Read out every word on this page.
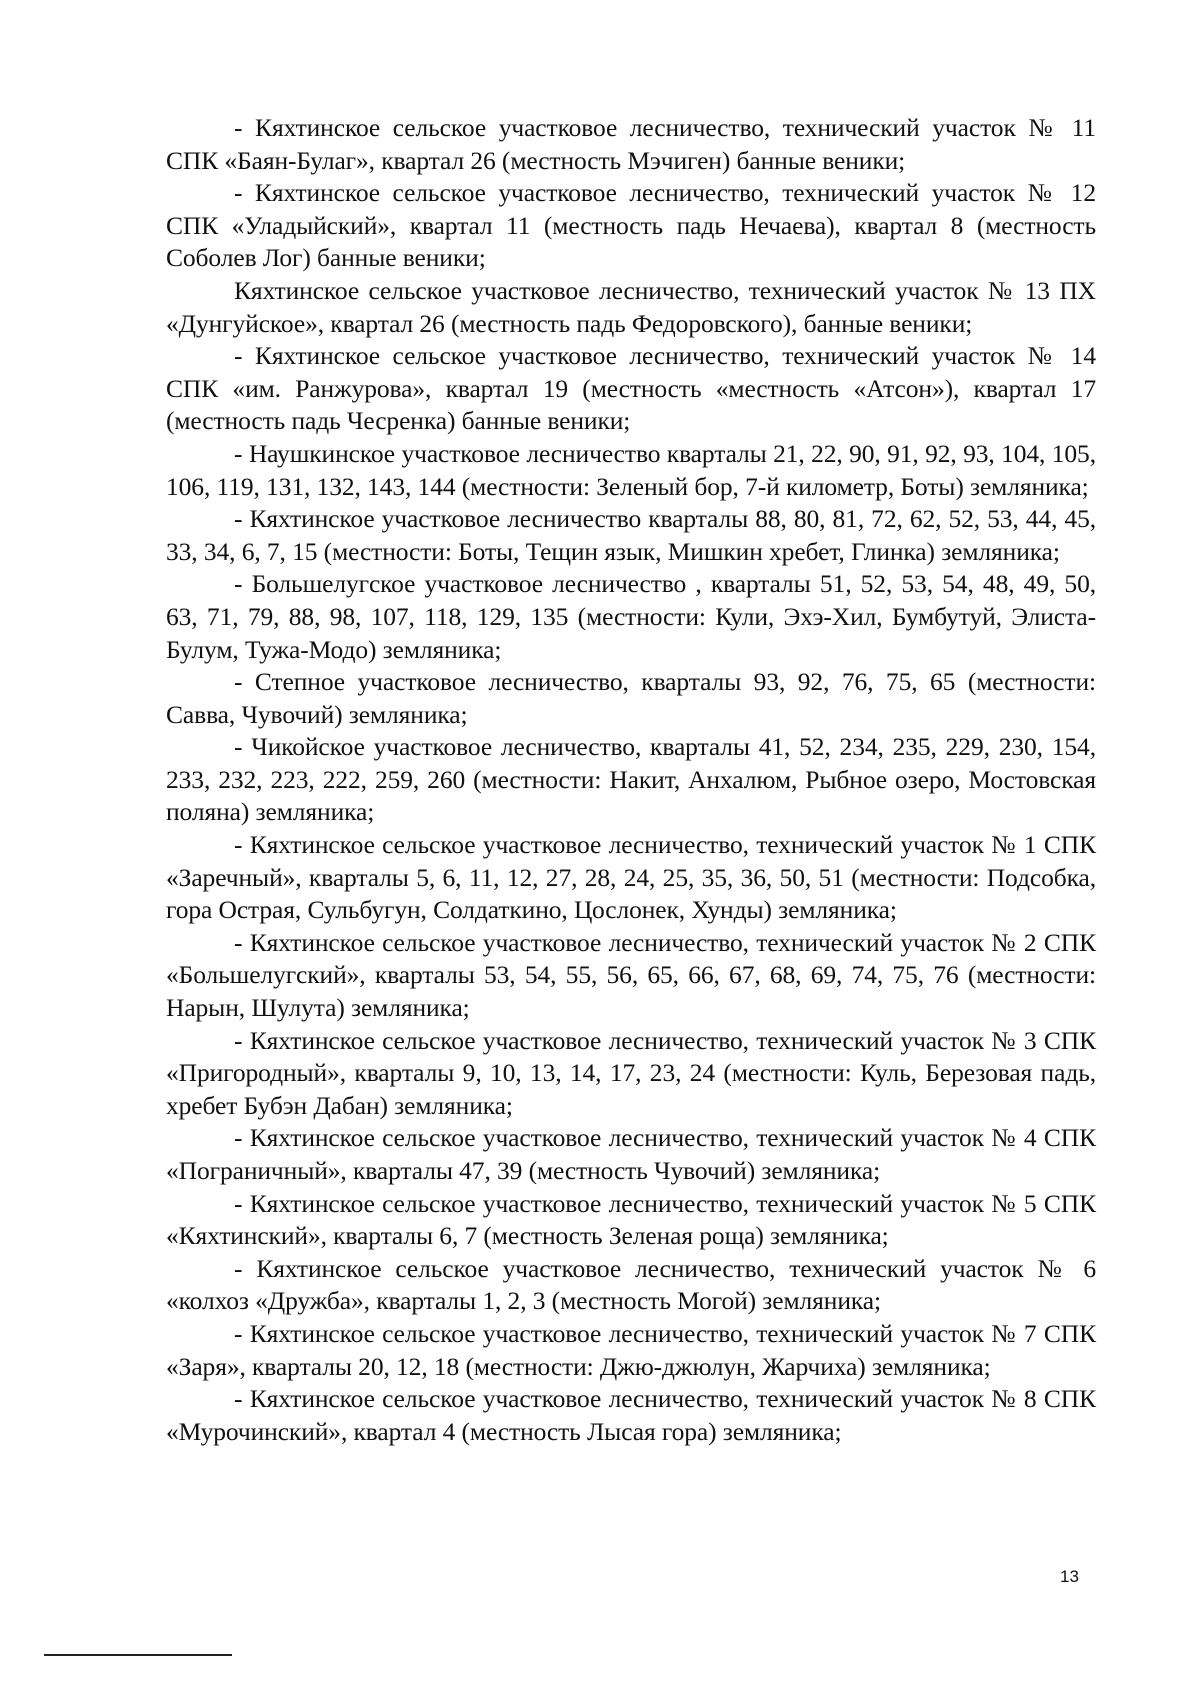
- Кяхтинское сельское участковое лесничество, технический участок № 11 СПК «Баян-Булаг», квартал 26 (местность Мэчиген) банные веники;

- Кяхтинское сельское участковое лесничество, технический участок № 12 СПК «Уладыйский», квартал 11 (местность падь Нечаева), квартал 8 (местность Соболев Лог) банные веники;

Кяхтинское сельское участковое лесничество, технический участок № 13 ПХ «Дунгуйское», квартал 26 (местность падь Федоровского), банные веники;

- Кяхтинское сельское участковое лесничество, технический участок № 14 СПК «им. Ранжурова», квартал 19 (местность «местность «Атсон»), квартал 17 (местность падь Чесренка) банные веники;

- Наушкинское участковое лесничество кварталы 21, 22, 90, 91, 92, 93, 104, 105, 106, 119, 131, 132, 143, 144 (местности: Зеленый бор, 7-й километр, Боты) земляника;

- Кяхтинское участковое лесничество кварталы 88, 80, 81, 72, 62, 52, 53, 44, 45, 33, 34, 6, 7, 15 (местности: Боты, Тещин язык, Мишкин хребет, Глинка) земляника;

- Большелугское участковое лесничество , кварталы 51, 52, 53, 54, 48, 49, 50, 63, 71, 79, 88, 98, 107, 118, 129, 135 (местности: Кули, Эхэ-Хил, Бумбутуй, Элиста-Булум, Тужа-Модо) земляника;

- Степное участковое лесничество, кварталы 93, 92, 76, 75, 65 (местности: Савва, Чувочий) земляника;

- Чикойское участковое лесничество, кварталы 41, 52, 234, 235, 229, 230, 154, 233, 232, 223, 222, 259, 260 (местности: Накит, Анхалюм, Рыбное озеро, Мостовская поляна) земляника;

- Кяхтинское сельское участковое лесничество, технический участок № 1 СПК «Заречный», кварталы 5, 6, 11, 12, 27, 28, 24, 25, 35, 36, 50, 51 (местности: Подсобка, гора Острая, Сульбугун, Солдаткино, Цослонек, Хунды) земляника;

- Кяхтинское сельское участковое лесничество, технический участок № 2 СПК «Большелугский», кварталы 53, 54, 55, 56, 65, 66, 67, 68, 69, 74, 75, 76 (местности: Нарын, Шулута) земляника;

- Кяхтинское сельское участковое лесничество, технический участок № 3 СПК «Пригородный», кварталы 9, 10, 13, 14, 17, 23, 24 (местности: Куль, Березовая падь, хребет Бубэн Дабан) земляника;

- Кяхтинское сельское участковое лесничество, технический участок № 4 СПК «Пограничный», кварталы 47, 39 (местность Чувочий) земляника;

- Кяхтинское сельское участковое лесничество, технический участок № 5 СПК «Кяхтинский», кварталы 6, 7 (местность Зеленая роща) земляника;

- Кяхтинское сельское участковое лесничество, технический участок № 6 «колхоз «Дружба», кварталы 1, 2, 3 (местность Могой) земляника;

- Кяхтинское сельское участковое лесничество, технический участок № 7 СПК «Заря», кварталы 20, 12, 18 (местности: Джю-джюлун, Жарчиха) земляника;

- Кяхтинское сельское участковое лесничество, технический участок № 8 СПК «Мурочинский», квартал 4 (местность Лысая гора) земляника;

13
